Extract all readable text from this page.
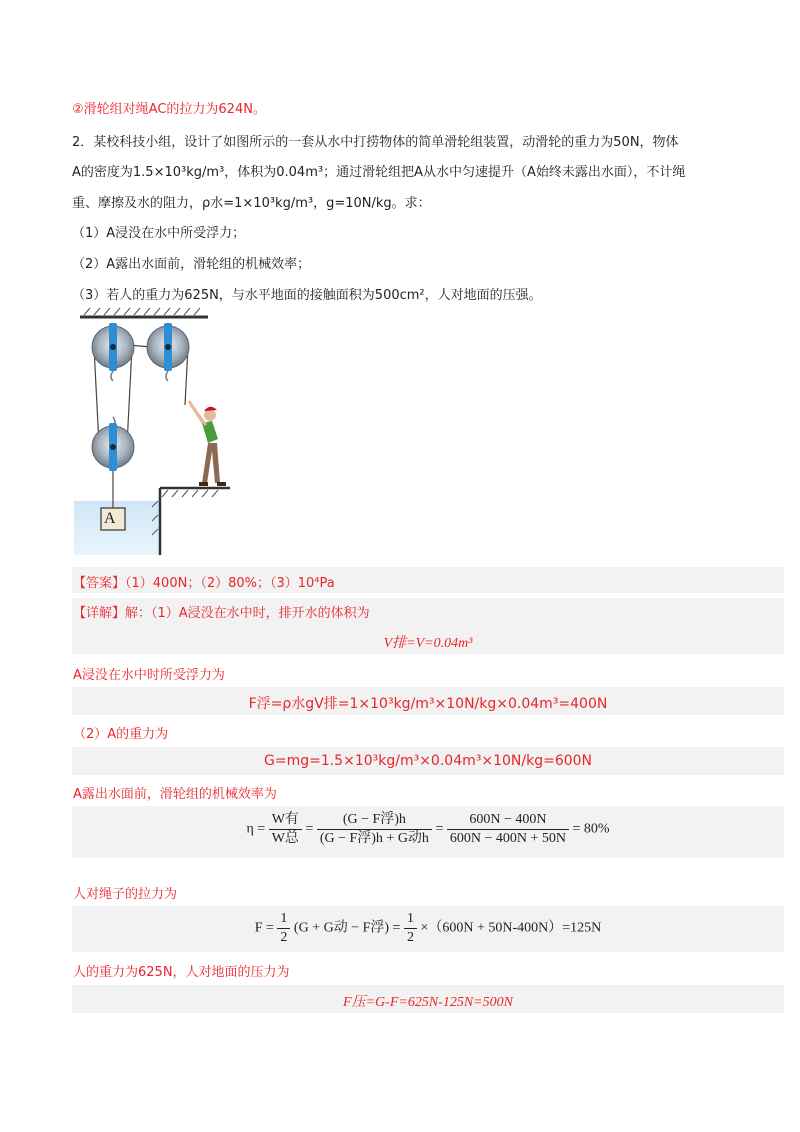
②滑轮组对绳AC的拉力为624N。
2．某校科技小组，设计了如图所示的一套从水中打捞物体的简单滑轮组装置，动滑轮的重力为50N，物体
A的密度为1.5×10³kg/m³，体积为0.04m³；通过滑轮组把A从水中匀速提升（A始终未露出水面），不计绳
重、摩擦及水的阻力，ρ水=1×10³kg/m³，g=10N/kg。求：
（1）A浸没在水中所受浮力；
（2）A露出水面前，滑轮组的机械效率；
（3）若人的重力为625N，与水平地面的接触面积为500cm²，人对地面的压强。
A
【答案】（1）400N；（2）80%；（3）10⁴Pa
【详解】解：（1）A浸没在水中时，排开水的体积为
V排=V=0.04m³
A浸没在水中时所受浮力为
F浮=ρ水gV排=1×10³kg/m³×10N/kg×0.04m³=400N
（2）A的重力为
G=mg=1.5×10³kg/m³×0.04m³×10N/kg=600N
A露出水面前，滑轮组的机械效率为
$\eta = \frac{\text{W有}}{\text{W总}} = \frac{\text{(G − F浮)h}}{\text{(G − F浮)h + G动h}} = \frac{600N - 400N}{600N - 400N + 50N} = 80\%$
人对绳子的拉力为
$F = \frac{1}{2} (G + G$动 − F浮) = $\frac{1}{2} \times(600N + 50N-400N)=125N$
人的重力为625N，人对地面的压力为
F压=G-F=625N-125N=500N
